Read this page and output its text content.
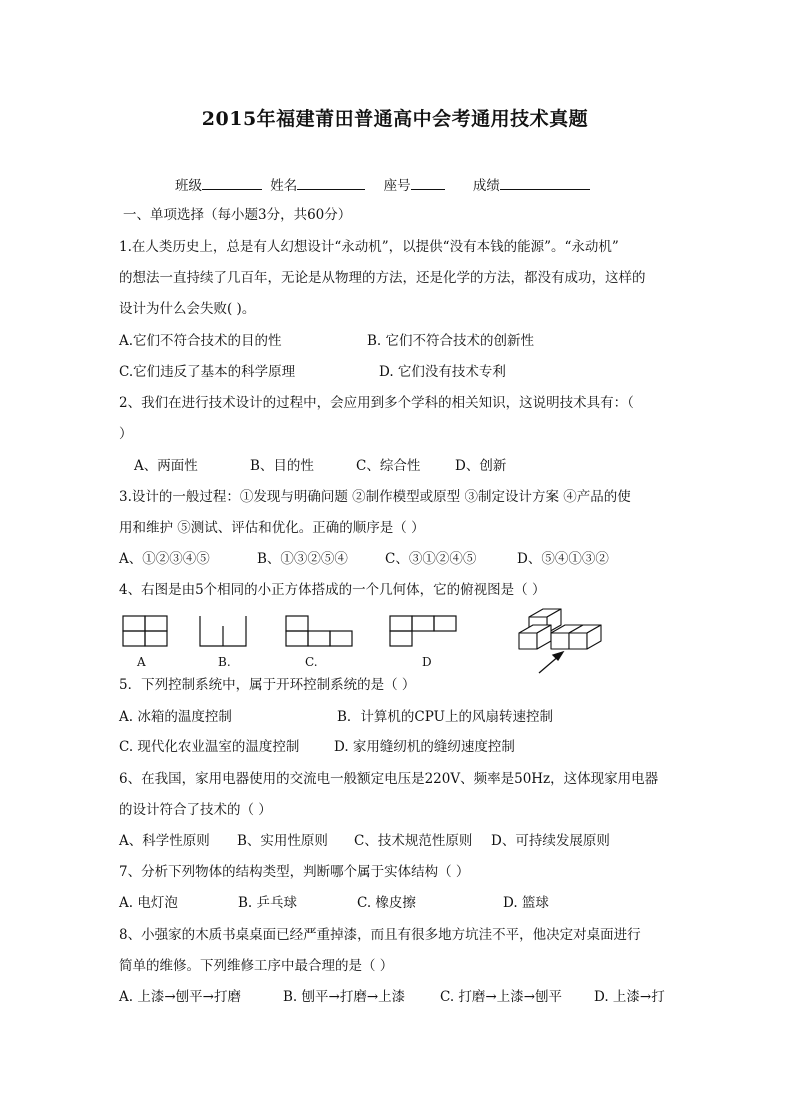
2015年福建莆田普通高中会考通用技术真题
班级	姓名	座号	成绩
一、单项选择（每小题3分，共60分）
1.在人类历史上，总是有人幻想设计“永动机”，以提供“没有本钱的能源”。“永动机”
的想法一直持续了几百年，无论是从物理的方法，还是化学的方法，都没有成功，这样的
设计为什么会失败( )。
A.它们不符合技术的目的性	B. 它们不符合技术的创新性
C.它们违反了基本的科学原理	D. 它们没有技术专利
2、我们在进行技术设计的过程中，会应用到多个学科的相关知识，这说明技术具有：（
）
A、两面性	B、目的性	C、综合性	D、创新
3.设计的一般过程：①发现与明确问题 ②制作模型或原型 ③制定设计方案 ④产品的使
用和维护 ⑤测试、评估和优化。正确的顺序是（ ）
A、①②③④⑤	B、①③②⑤④	C、③①②④⑤	D、⑤④①③②
4、右图是由5个相同的小正方体搭成的一个几何体，它的俯视图是（ ）
A	B.	C.	D
5．下列控制系统中，属于开环控制系统的是（ ）
A. 冰箱的温度控制	B．计算机的CPU上的风扇转速控制
C. 现代化农业温室的温度控制	D. 家用缝纫机的缝纫速度控制
6、在我国，家用电器使用的交流电一般额定电压是220V、频率是50Hz，这体现家用电器
的设计符合了技术的（ ）
A、科学性原则 B、实用性原则 C、技术规范性原则 D、可持续发展原则
7、分析下列物体的结构类型，判断哪个属于实体结构（ ）
A. 电灯泡	B. 乒乓球	C. 橡皮擦	D. 篮球
8、小强家的木质书桌桌面已经严重掉漆，而且有很多地方坑洼不平，他决定对桌面进行
简单的维修。下列维修工序中最合理的是（ ）
A. 上漆→刨平→打磨	B. 刨平→打磨→上漆	C. 打磨→上漆→刨平 D. 上漆→打
